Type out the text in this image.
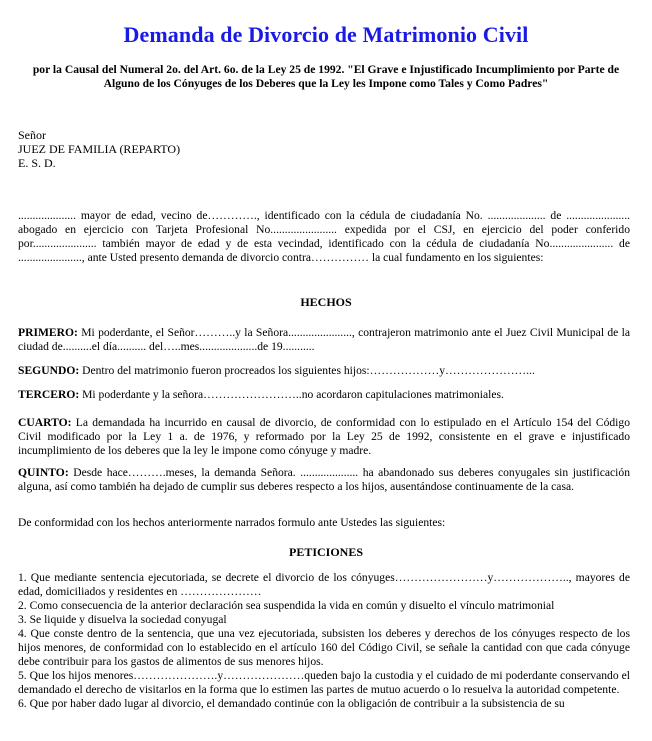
Demanda de Divorcio de Matrimonio Civil
por la Causal del Numeral 2o. del Art. 6o. de la Ley 25 de 1992. "El Grave e Injustificado Incumplimiento por Parte de Alguno de los Cónyuges de los Deberes que la Ley les Impone como Tales y Como Padres"
Señor
JUEZ DE FAMILIA (REPARTO)
E. S. D.
.................... mayor de edad, vecino de…………., identificado con la cédula de ciudadanía No. .................... de ...................... abogado en ejercicio con Tarjeta Profesional No....................... expedida por el CSJ, en ejercicio del poder conferido por...................... también mayor de edad y de esta vecindad, identificado con la cédula de ciudadanía No...................... de ......................, ante Usted presento demanda de divorcio contra…………… la cual fundamento en los siguientes:
HECHOS
PRIMERO: Mi poderdante, el Señor………..y la Señora......................, contrajeron matrimonio ante el Juez Civil Municipal de la ciudad de..........el día.......... del…..mes....................de 19...........
SEGUNDO: Dentro del matrimonio fueron procreados los siguientes hijos:………………y…………………...
TERCERO: Mi poderdante y la señora……………………..no acordaron capitulaciones matrimoniales.
CUARTO: La demandada ha incurrido en causal de divorcio, de conformidad con lo estipulado en el Artículo 154 del Código Civil modificado por la Ley 1 a. de 1976, y reformado por la Ley 25 de 1992, consistente en el grave e injustificado incumplimiento de los deberes que la ley le impone como cónyuge y madre.
QUINTO: Desde hace……….meses, la demanda Señora. .................... ha abandonado sus deberes conyugales sin justificación alguna, así como también ha dejado de cumplir sus deberes respecto a los hijos, ausentándose continuamente de la casa.
De conformidad con los hechos anteriormente narrados formulo ante Ustedes las siguientes:
PETICIONES
1. Que mediante sentencia ejecutoriada, se decrete el divorcio de los cónyuges……………………y……………….., mayores de edad, domiciliados y residentes en …………………
2. Como consecuencia de la anterior declaración sea suspendida la vida en común y disuelto el vínculo matrimonial
3. Se liquide y disuelva la sociedad conyugal
4. Que conste dentro de la sentencia, que una vez ejecutoriada, subsisten los deberes y derechos de los cónyuges respecto de los hijos menores, de conformidad con lo establecido en el artículo 160 del Código Civil, se señale la cantidad con que cada cónyuge debe contribuir para los gastos de alimentos de sus menores hijos.
5. Que los hijos menores………………….y…………………queden bajo la custodia y el cuidado de mi poderdante conservando el demandado el derecho de visitarlos en la forma que lo estimen las partes de mutuo acuerdo o lo resuelva la autoridad competente.
6. Que por haber dado lugar al divorcio, el demandado continúe con la obligación de contribuir a la subsistencia de su
